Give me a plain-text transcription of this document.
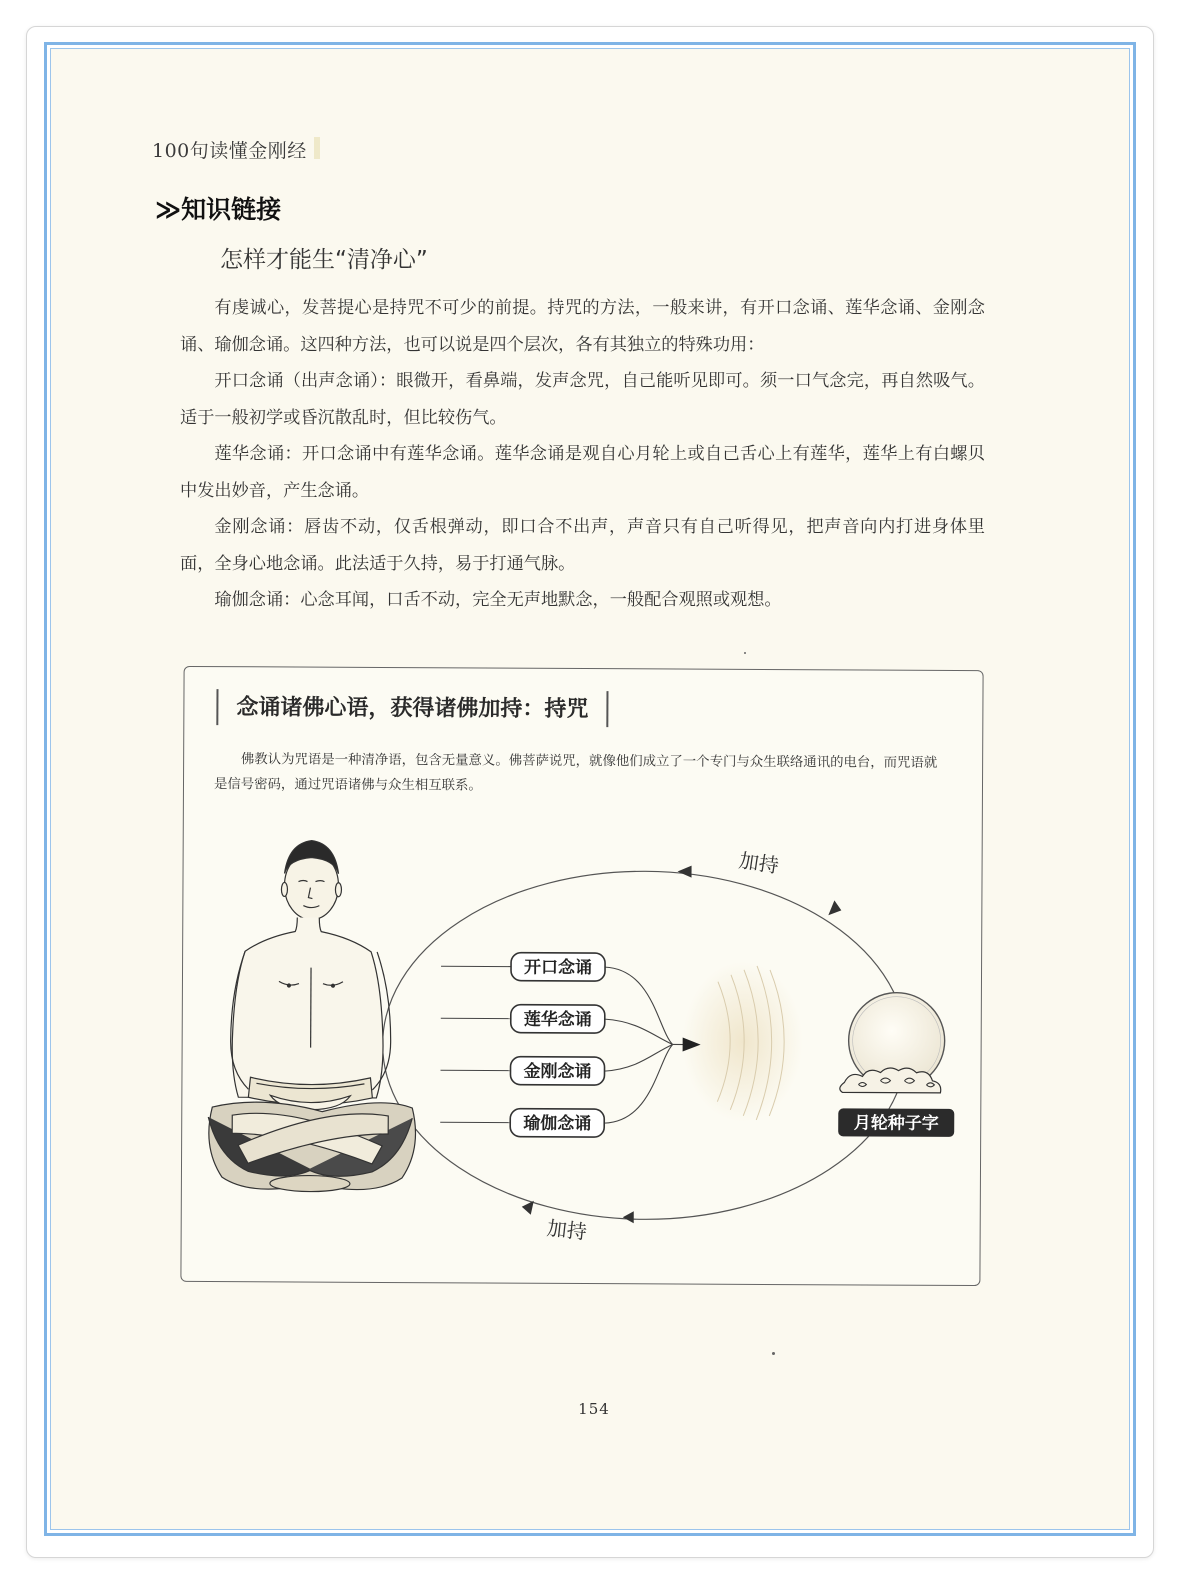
100句读懂金刚经
≫知识链接
怎样才能生“清净心”

有虔诚心，发菩提心是持咒不可少的前提。持咒的方法，一般来讲，有开口念诵、莲华念诵、金刚念诵、瑜伽念诵。这四种方法，也可以说是四个层次，各有其独立的特殊功用：

开口念诵（出声念诵）：眼微开，看鼻端，发声念咒，自己能听见即可。须一口气念完，再自然吸气。适于一般初学或昏沉散乱时，但比较伤气。

莲华念诵：开口念诵中有莲华念诵。莲华念诵是观自心月轮上或自己舌心上有莲华，莲华上有白螺贝中发出妙音，产生念诵。

金刚念诵：唇齿不动，仅舌根弹动，即口合不出声，声音只有自己听得见，把声音向内打进身体里面，全身心地念诵。此法适于久持，易于打通气脉。

瑜伽念诵：心念耳闻，口舌不动，完全无声地默念，一般配合观照或观想。

念诵诸佛心语，获得诸佛加持：持咒

佛教认为咒语是一种清净语，包含无量意义。佛菩萨说咒，就像他们成立了一个专门与众生联络通讯的电台，而咒语就是信号密码，通过咒语诸佛与众生相互联系。

开口念诵
莲华念诵
金刚念诵
瑜伽念诵
加持
加持
月轮种子字
154
